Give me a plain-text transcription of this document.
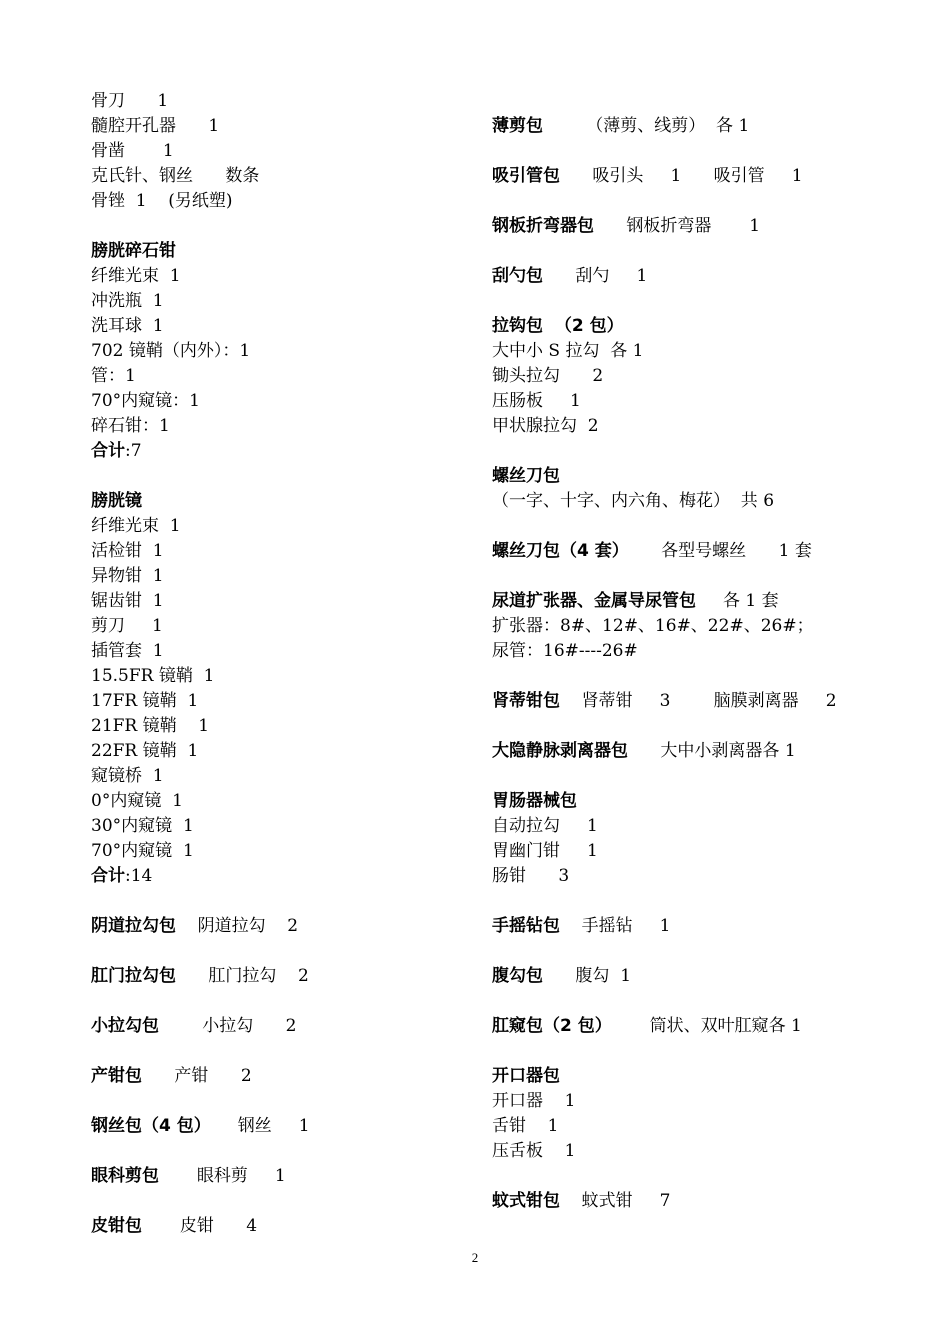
骨刀      1
髓腔开孔器      1
骨凿       1
克氏针、钢丝      数条
骨锉  1    (另纸塑)
膀胱碎石钳
纤维光束  1
冲洗瓶  1
洗耳球  1
702 镜鞘（内外）：1
管：1
70°内窥镜：1
碎石钳：1
合计:7
膀胱镜
纤维光束  1
活检钳  1
异物钳  1
锯齿钳  1
剪刀     1
插管套  1
15.5FR 镜鞘  1
17FR 镜鞘  1
21FR 镜鞘    1
22FR 镜鞘  1
窥镜桥  1
0°内窥镜  1
30°内窥镜  1
70°内窥镜  1
合计:14
阴道拉勾包    阴道拉勾    2
肛门拉勾包      肛门拉勾    2
小拉勾包        小拉勾      2
产钳包      产钳      2
钢丝包（4 包）     钢丝     1
眼科剪包       眼科剪     1
皮钳包       皮钳      4
薄剪包        （薄剪、线剪）  各 1
吸引管包      吸引头     1      吸引管     1
钢板折弯器包      钢板折弯器       1
刮勺包      刮勺     1
拉钩包  （2 包）
大中小 S 拉勾  各 1
锄头拉勾      2
压肠板     1
甲状腺拉勾  2
螺丝刀包
（一字、十字、内六角、梅花）  共 6
螺丝刀包（4 套）      各型号螺丝      1 套
尿道扩张器、金属导尿管包     各 1 套
扩张器：8#、12#、16#、22#、26#；
尿管：16#----26#
肾蒂钳包    肾蒂钳     3        脑膜剥离器     2
大隐静脉剥离器包      大中小剥离器各 1
胃肠器械包
自动拉勾     1
胃幽门钳     1
肠钳      3
手摇钻包    手摇钻     1
腹勾包      腹勾  1
肛窥包（2 包）       筒状、双叶肛窥各 1
开口器包
开口器    1
舌钳    1
压舌板    1
蚊式钳包    蚊式钳     7
2
